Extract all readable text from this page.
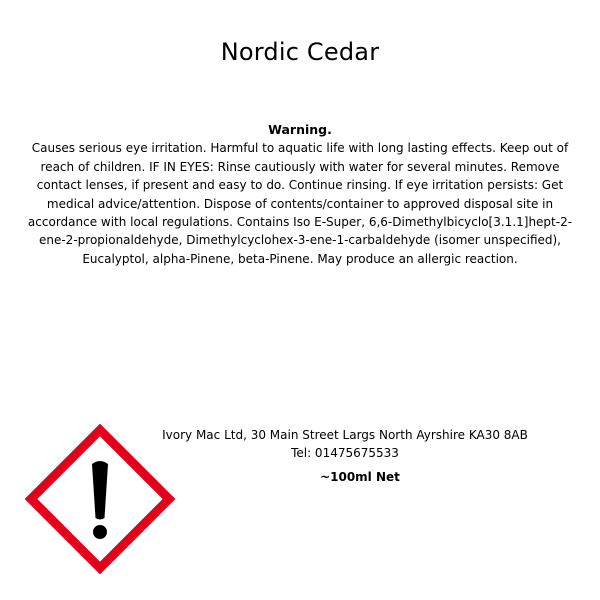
Nordic Cedar
Warning.
Causes serious eye irritation. Harmful to aquatic life with long lasting effects. Keep out of reach of children. IF IN EYES: Rinse cautiously with water for several minutes. Remove contact lenses, if present and easy to do. Continue rinsing. If eye irritation persists: Get medical advice/attention. Dispose of contents/container to approved disposal site in accordance with local regulations. Contains Iso E-Super, 6,6-Dimethylbicyclo[3.1.1]hept-2-ene-2-propionaldehyde, Dimethylcyclohex-3-ene-1-carbaldehyde (isomer unspecified), Eucalyptol, alpha-Pinene, beta-Pinene. May produce an allergic reaction.
Ivory Mac Ltd, 30 Main Street Largs North Ayrshire KA30 8AB
Tel: 01475675533
~100ml Net
